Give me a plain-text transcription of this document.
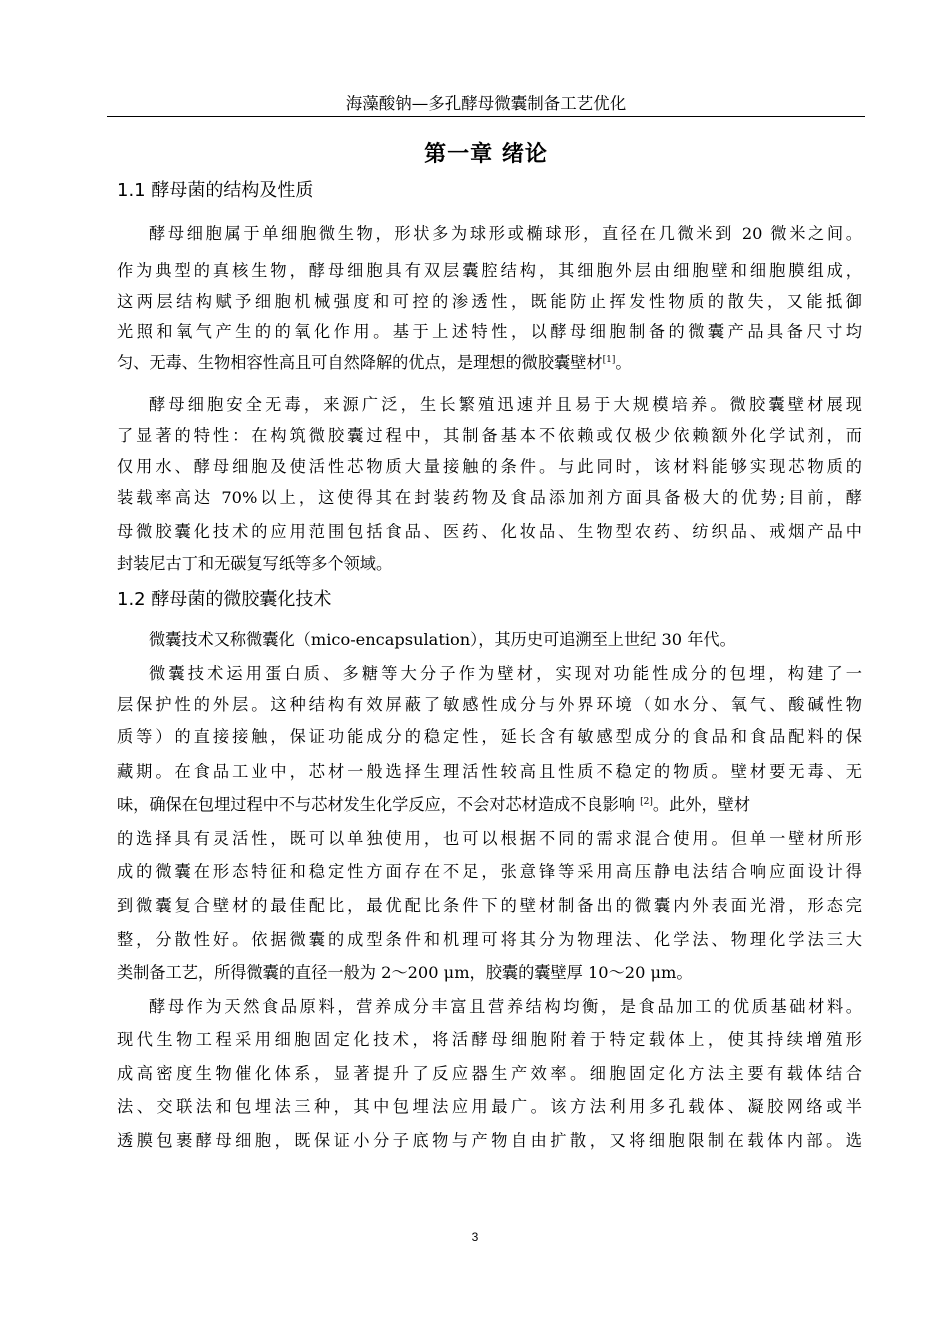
海藻酸钠—多孔酵母微囊制备工艺优化
第一章 绪论
1.1 酵母菌的结构及性质
酵母细胞属于单细胞微生物，形状多为球形或椭球形，直径在几微米到 20 微米之间。
作为典型的真核生物，酵母细胞具有双层囊腔结构，其细胞外层由细胞壁和细胞膜组成，
这两层结构赋予细胞机械强度和可控的渗透性，既能防止挥发性物质的散失，又能抵御
光照和氧气产生的的氧化作用。基于上述特性，以酵母细胞制备的微囊产品具备尺寸均
匀、无毒、生物相容性高且可自然降解的优点，是理想的微胶囊壁材[1]。
酵母细胞安全无毒，来源广泛，生长繁殖迅速并且易于大规模培养。微胶囊壁材展现
了显著的特性：在构筑微胶囊过程中，其制备基本不依赖或仅极少依赖额外化学试剂，而
仅用水、酵母细胞及使活性芯物质大量接触的条件。与此同时，该材料能够实现芯物质的
装载率高达 70%以上，这使得其在封装药物及食品添加剂方面具备极大的优势;目前，酵
母微胶囊化技术的应用范围包括食品、医药、化妆品、生物型农药、纺织品、戒烟产品中
封装尼古丁和无碳复写纸等多个领域。
1.2 酵母菌的微胶囊化技术
微囊技术又称微囊化（mico-encapsulation），其历史可追溯至上世纪 30 年代。
微囊技术运用蛋白质、多糖等大分子作为壁材，实现对功能性成分的包埋，构建了一
层保护性的外层。这种结构有效屏蔽了敏感性成分与外界环境（如水分、氧气、酸碱性物
质等）的直接接触，保证功能成分的稳定性，延长含有敏感型成分的食品和食品配料的保
藏期。在食品工业中，芯材一般选择生理活性较高且性质不稳定的物质。壁材要无毒、无
味，确保在包埋过程中不与芯材发生化学反应，不会对芯材造成不良影响 [2]。此外，壁材
的选择具有灵活性，既可以单独使用，也可以根据不同的需求混合使用。但单一壁材所形
成的微囊在形态特征和稳定性方面存在不足，张意锋等采用高压静电法结合响应面设计得
到微囊复合壁材的最佳配比，最优配比条件下的壁材制备出的微囊内外表面光滑，形态完
整，分散性好。依据微囊的成型条件和机理可将其分为物理法、化学法、物理化学法三大
类制备工艺，所得微囊的直径一般为 2～200 μm，胶囊的囊壁厚 10～20 μm。
酵母作为天然食品原料，营养成分丰富且营养结构均衡，是食品加工的优质基础材料。
现代生物工程采用细胞固定化技术，将活酵母细胞附着于特定载体上，使其持续增殖形
成高密度生物催化体系，显著提升了反应器生产效率。细胞固定化方法主要有载体结合
法、交联法和包埋法三种，其中包埋法应用最广。该方法利用多孔载体、凝胶网络或半
透膜包裹酵母细胞，既保证小分子底物与产物自由扩散，又将细胞限制在载体内部。选
3
